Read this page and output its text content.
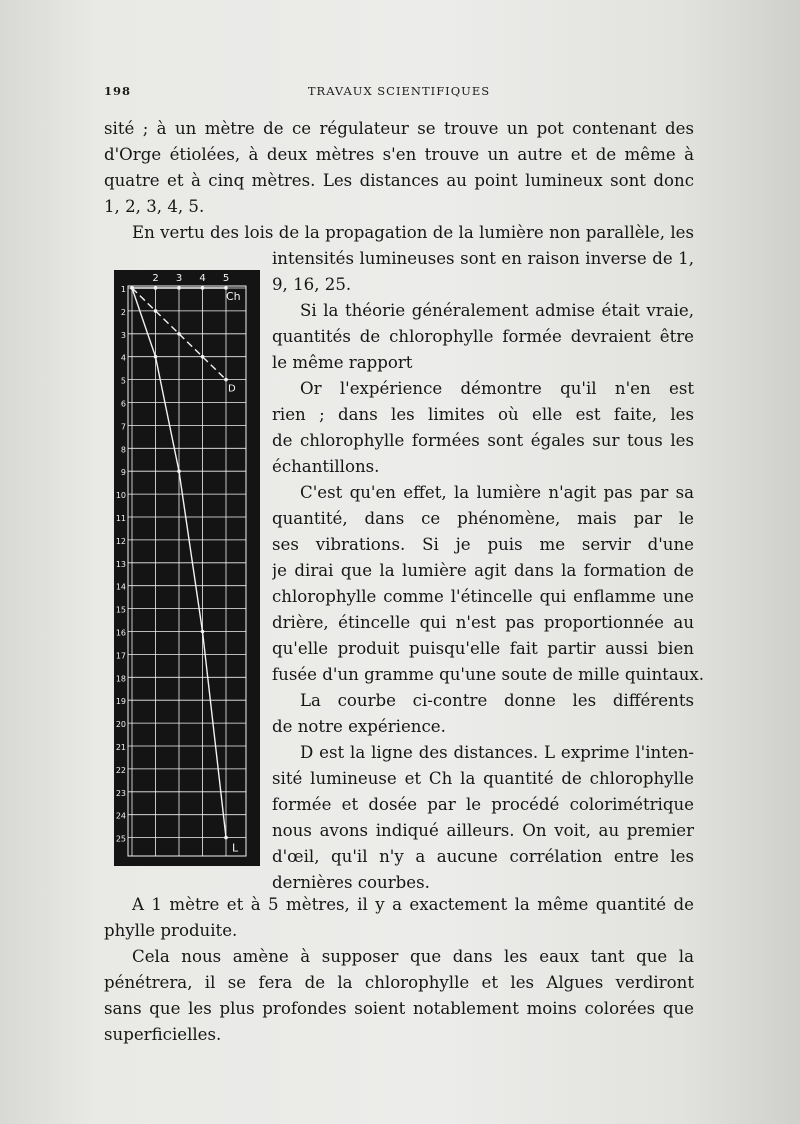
198	TRAVAUX SCIENTIFIQUES
sité ; à un mètre de ce régulateur se trouve un pot contenant des
d'Orge étiolées, à deux mètres s'en trouve un autre et de même à
quatre et à cinq mètres. Les distances au point lumineux sont donc
1, 2, 3, 4, 5.
En vertu des lois de la propagation de la lumière non parallèle, les
2 3 4 5
1
2
3
4
5
6
7
8
9
10
11
12
13
14
15
16
17
18
19
20
21
22
23
24
25
Ch
D
L
intensités lumineuses sont en raison inverse de 1,
9, 16, 25.
Si la théorie généralement admise était vraie,
quantités de chlorophylle formée devraient être
le même rapport
Or l'expérience démontre qu'il n'en est
rien ; dans les limites où elle est faite, les
de chlorophylle formées sont égales sur tous les
échantillons.
C'est qu'en effet, la lumière n'agit pas par sa
quantité, dans ce phénomène, mais par le
ses vibrations. Si je puis me servir d'une
je dirai que la lumière agit dans la formation de
chlorophylle comme l'étincelle qui enflamme une
drière, étincelle qui n'est pas proportionnée au
qu'elle produit puisqu'elle fait partir aussi bien
fusée d'un gramme qu'une soute de mille quintaux.
La courbe ci-contre donne les différents
de notre expérience.
D est la ligne des distances. L exprime l'inten-
sité lumineuse et Ch la quantité de chlorophylle
formée et dosée par le procédé colorimétrique
nous avons indiqué ailleurs. On voit, au premier
d'œil, qu'il n'y a aucune corrélation entre les
dernières courbes.
A 1 mètre et à 5 mètres, il y a exactement la même quantité de
phylle produite.
Cela nous amène à supposer que dans les eaux tant que la
pénétrera, il se fera de la chlorophylle et les Algues verdiront
sans que les plus profondes soient notablement moins colorées que
superficielles.
